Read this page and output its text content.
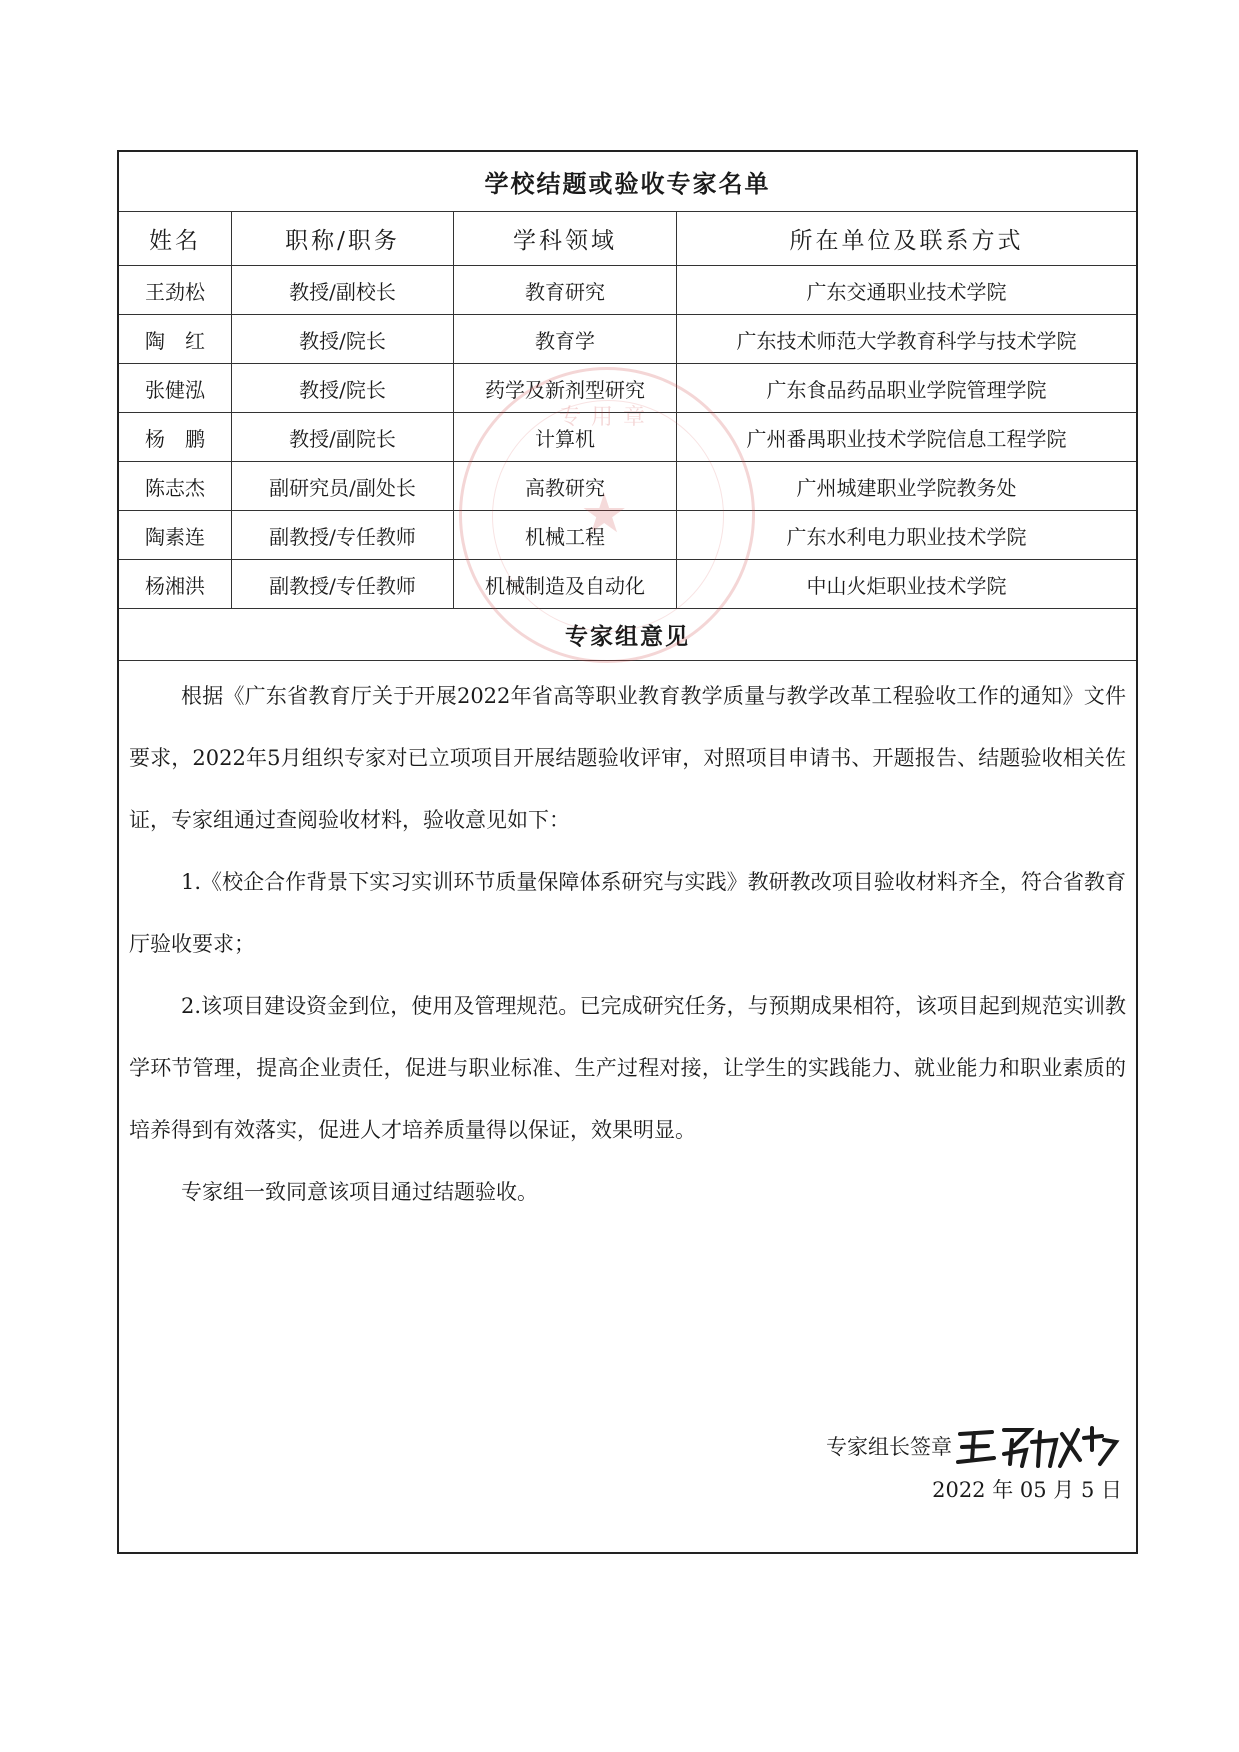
学校结题或验收专家名单
姓名	职称/职务	学科领域	所在单位及联系方式
王劲松	教授/副校长	教育研究	广东交通职业技术学院
陶　红	教授/院长	教育学	广东技术师范大学教育科学与技术学院
张健泓	教授/院长	药学及新剂型研究	广东食品药品职业学院管理学院
杨　鹏	教授/副院长	计算机	广州番禺职业技术学院信息工程学院
陈志杰	副研究员/副处长	高教研究	广州城建职业学院教务处
陶素连	副教授/专任教师	机械工程	广东水利电力职业技术学院
杨湘洪	副教授/专任教师	机械制造及自动化	中山火炬职业技术学院
专家组意见

根据《广东省教育厅关于开展2022年省高等职业教育教学质量与教学改革工程验收工作的通知》文件要求，2022年5月组织专家对已立项项目开展结题验收评审，对照项目申请书、开题报告、结题验收相关佐证，专家组通过查阅验收材料，验收意见如下：

1.《校企合作背景下实习实训环节质量保障体系研究与实践》教研教改项目验收材料齐全，符合省教育厅验收要求；

2.该项目建设资金到位，使用及管理规范。已完成研究任务，与预期成果相符，该项目起到规范实训教学环节管理，提高企业责任，促进与职业标准、生产过程对接，让学生的实践能力、就业能力和职业素质的培养得到有效落实，促进人才培养质量得以保证，效果明显。

专家组一致同意该项目通过结题验收。

专家组长签章
2022 年 05 月 5 日
★
专用章
